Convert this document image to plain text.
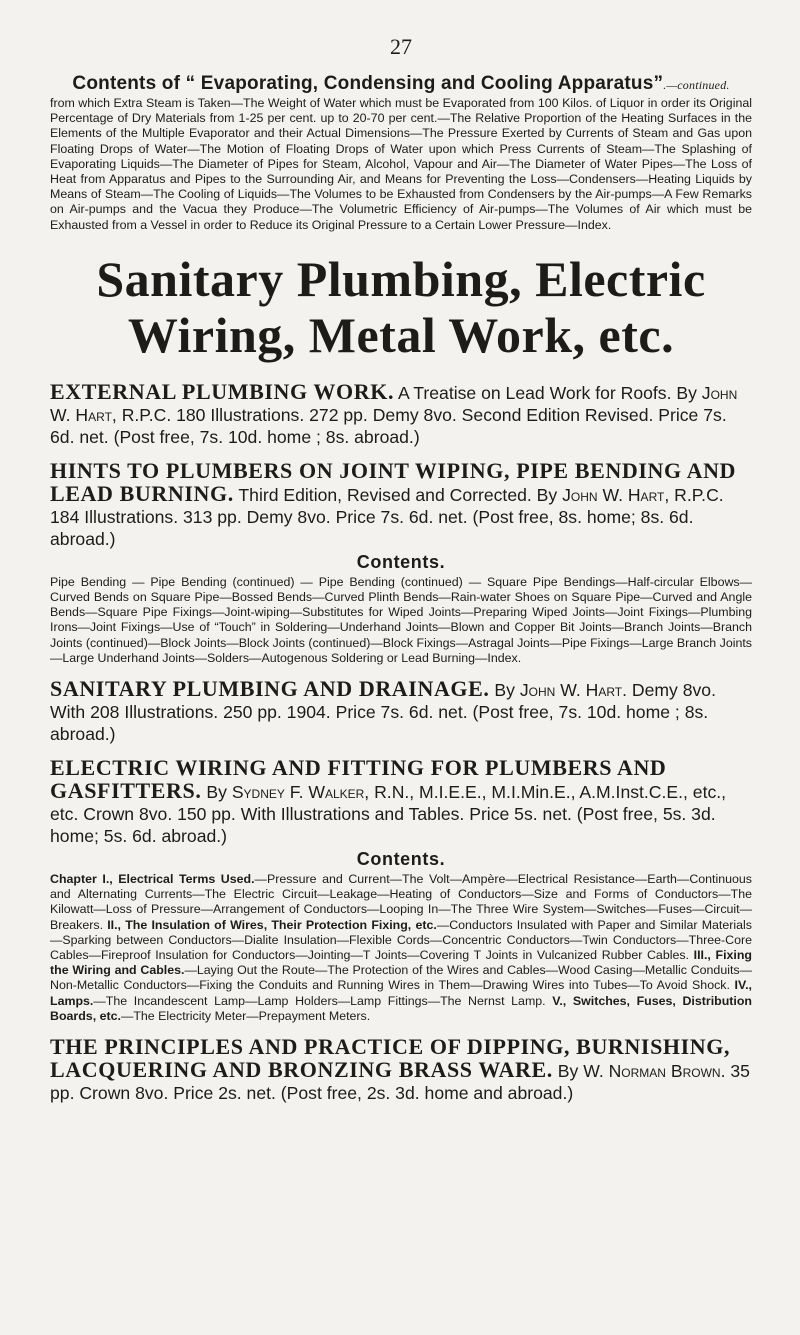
27
Contents of “ Evaporating, Condensing and Cooling Apparatus”.—continued.

from which Extra Steam is Taken—The Weight of Water which must be Evaporated from 100 Kilos. of Liquor in order its Original Percentage of Dry Materials from 1-25 per cent. up to 20-70 per cent.—The Relative Proportion of the Heating Surfaces in the Elements of the Multiple Evaporator and their Actual Dimensions—The Pressure Exerted by Currents of Steam and Gas upon Floating Drops of Water—The Motion of Floating Drops of Water upon which Press Currents of Steam—The Splashing of Evaporating Liquids—The Diameter of Pipes for Steam, Alcohol, Vapour and Air—The Diameter of Water Pipes—The Loss of Heat from Apparatus and Pipes to the Surrounding Air, and Means for Preventing the Loss—Condensers—Heating Liquids by Means of Steam—The Cooling of Liquids—The Volumes to be Exhausted from Condensers by the Air-pumps—A Few Remarks on Air-pumps and the Vacua they Produce—The Volumetric Efficiency of Air-pumps—The Volumes of Air which must be Exhausted from a Vessel in order to Reduce its Original Pressure to a Certain Lower Pressure—Index.

Sanitary Plumbing, Electric Wiring, Metal Work, etc.

EXTERNAL PLUMBING WORK. A Treatise on Lead Work for Roofs. By John W. Hart, R.P.C. 180 Illustrations. 272 pp. Demy 8vo. Second Edition Revised. Price 7s. 6d. net. (Post free, 7s. 10d. home ; 8s. abroad.)

HINTS TO PLUMBERS ON JOINT WIPING, PIPE BENDING AND LEAD BURNING. Third Edition, Revised and Corrected. By John W. Hart, R.P.C. 184 Illustrations. 313 pp. Demy 8vo. Price 7s. 6d. net. (Post free, 8s. home; 8s. 6d. abroad.)

Contents.

Pipe Bending — Pipe Bending (continued) — Pipe Bending (continued) — Square Pipe Bendings—Half-circular Elbows—Curved Bends on Square Pipe—Bossed Bends—Curved Plinth Bends—Rain-water Shoes on Square Pipe—Curved and Angle Bends—Square Pipe Fixings—Joint-wiping—Substitutes for Wiped Joints—Preparing Wiped Joints—Joint Fixings—Plumbing Irons—Joint Fixings—Use of “Touch” in Soldering—Underhand Joints—Blown and Copper Bit Joints—Branch Joints—Branch Joints (continued)—Block Joints—Block Joints (continued)—Block Fixings—Astragal Joints—Pipe Fixings—Large Branch Joints—Large Underhand Joints—Solders—Autogenous Soldering or Lead Burning—Index.

SANITARY PLUMBING AND DRAINAGE. By John W. Hart. Demy 8vo. With 208 Illustrations. 250 pp. 1904. Price 7s. 6d. net. (Post free, 7s. 10d. home ; 8s. abroad.)

ELECTRIC WIRING AND FITTING FOR PLUMBERS AND GASFITTERS. By Sydney F. Walker, R.N., M.I.E.E., M.I.Min.E., A.M.Inst.C.E., etc., etc. Crown 8vo. 150 pp. With Illustrations and Tables. Price 5s. net. (Post free, 5s. 3d. home; 5s. 6d. abroad.)

Contents.

Chapter I., Electrical Terms Used.—Pressure and Current—The Volt—Ampère—Electrical Resistance—Earth—Continuous and Alternating Currents—The Electric Circuit—Leakage—Heating of Conductors—Size and Forms of Conductors—The Kilowatt—Loss of Pressure—Arrangement of Conductors—Looping In—The Three Wire System—Switches—Fuses—Circuit—Breakers. II., The Insulation of Wires, Their Protection Fixing, etc.—Conductors Insulated with Paper and Similar Materials—Sparking between Conductors—Dialite Insulation—Flexible Cords—Concentric Conductors—Twin Conductors—Three-Core Cables—Fireproof Insulation for Conductors—Jointing—T Joints—Covering T Joints in Vulcanized Rubber Cables. III., Fixing the Wiring and Cables.—Laying Out the Route—The Protection of the Wires and Cables—Wood Casing—Metallic Conduits—Non-Metallic Conductors—Fixing the Conduits and Running Wires in Them—Drawing Wires into Tubes—To Avoid Shock. IV., Lamps.—The Incandescent Lamp—Lamp Holders—Lamp Fittings—The Nernst Lamp. V., Switches, Fuses, Distribution Boards, etc.—The Electricity Meter—Prepayment Meters.

THE PRINCIPLES AND PRACTICE OF DIPPING, BURNISHING, LACQUERING AND BRONZING BRASS WARE. By W. Norman Brown. 35 pp. Crown 8vo. Price 2s. net. (Post free, 2s. 3d. home and abroad.)
